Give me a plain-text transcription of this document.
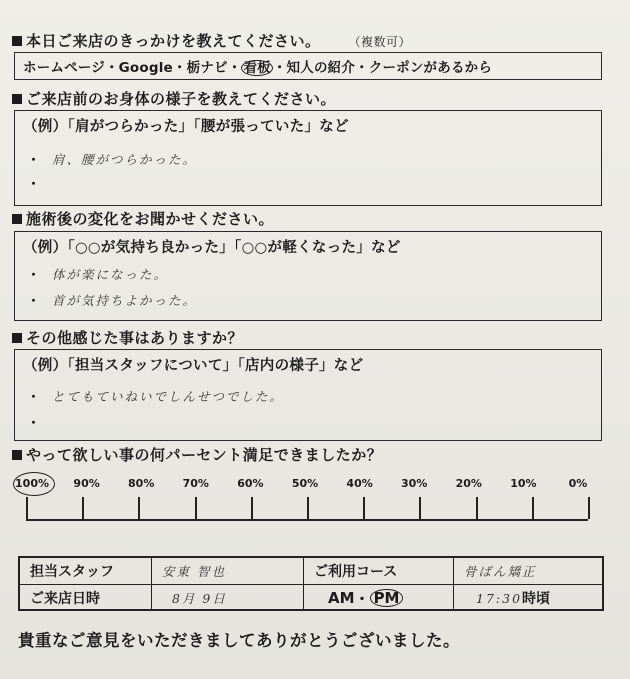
本日ご来店のきっかけを教えてください。	（複数可）
ホームページ・Google・栃ナビ・ 看板 ・知人の紹介・クーポンがあるから
ご来店前のお身体の様子を教えてください。
（例）「肩がつらかった」「腰が張っていた」など
・ 肩、腰がつらかった。
・
施術後の変化をお聞かせください。
（例）「○○が気持ち良かった」「○○が軽くなった」など
・ 体が楽になった。
・ 首が気持ちよかった。
その他感じた事はありますか？
（例）「担当スタッフについて」「店内の様子」など
・ とてもていねいでしんせつでした。
・
やって欲しい事の何パーセント満足できましたか？
100% 90%	80%	70%	60%	50%	40%	30%	20%	10%	0%
担当スタッフ	安東 智也	ご利用コース	骨ばん矯正
ご来店日時	8月 9日	AM ・ PM	17:30 時頃
貴重なご意見をいただきましてありがとうございました。
